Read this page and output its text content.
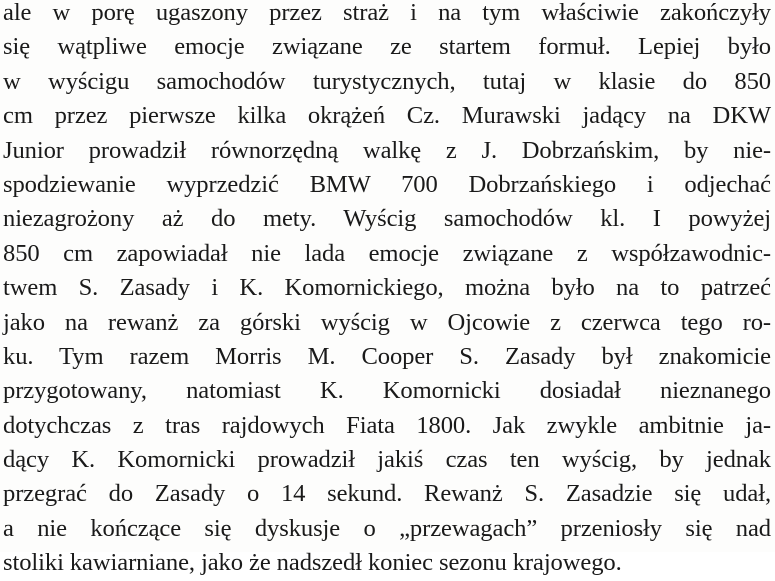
ale w porę ugaszony przez straż i na tym właściwie zakończyły
się wątpliwe emocje związane ze startem formuł. Lepiej było
w wyścigu samochodów turystycznych, tutaj w klasie do 850
cm przez pierwsze kilka okrążeń Cz. Murawski jadący na DKW
Junior prowadził równorzędną walkę z J. Dobrzańskim, by nie-
spodziewanie wyprzedzić BMW 700 Dobrzańskiego i odjechać
niezagrożony aż do mety. Wyścig samochodów kl. I powyżej
850 cm zapowiadał nie lada emocje związane z współzawodnic-
twem S. Zasady i K. Komornickiego, można było na to patrzeć
jako na rewanż za górski wyścig w Ojcowie z czerwca tego ro-
ku. Tym razem Morris M. Cooper S. Zasady był znakomicie
przygotowany, natomiast K. Komornicki dosiadał nieznanego
dotychczas z tras rajdowych Fiata 1800. Jak zwykle ambitnie ja-
dący K. Komornicki prowadził jakiś czas ten wyścig, by jednak
przegrać do Zasady o 14 sekund. Rewanż S. Zasadzie się udał,
a nie kończące się dyskusje o „przewagach” przeniosły się nad
stoliki kawiarniane, jako że nadszedł koniec sezonu krajowego.
